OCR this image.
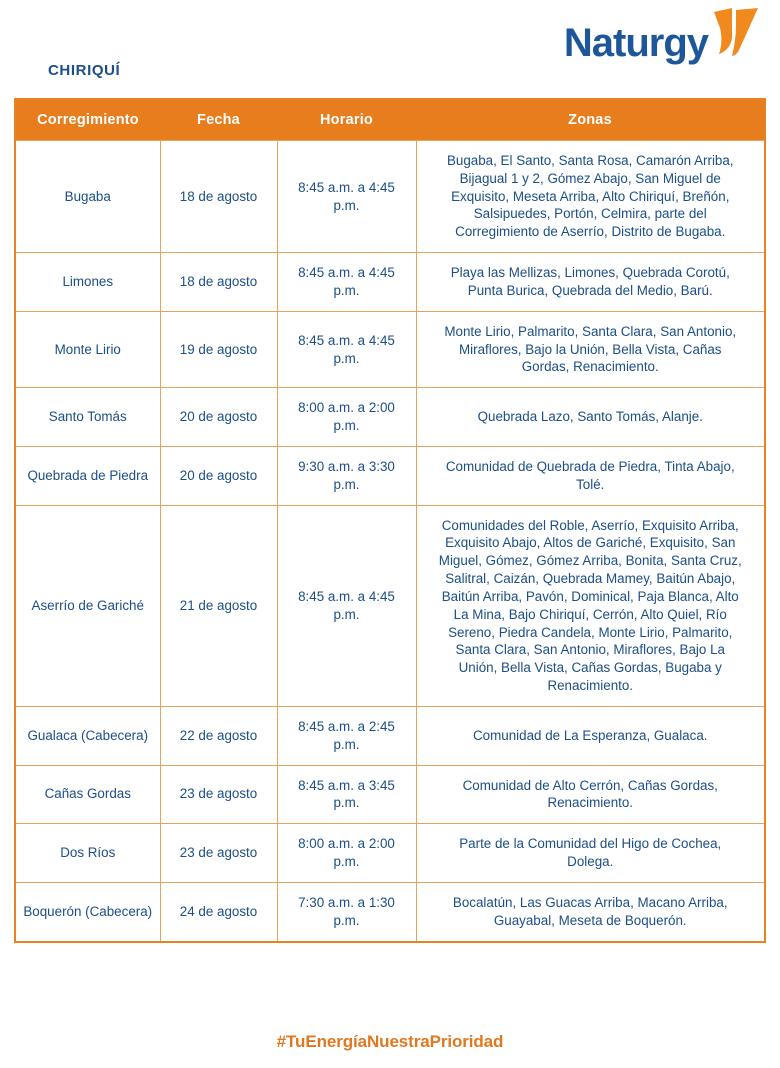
Naturgy
CHIRIQUÍ
Corregimiento	Fecha	Horario	Zonas
Bugaba	18 de agosto	8:45 a.m. a 4:45 p.m.	Bugaba, El Santo, Santa Rosa, Camarón Arriba, Bijagual 1 y 2, Gómez Abajo, San Miguel de Exquisito, Meseta Arriba, Alto Chiriquí, Breñón, Salsipuedes, Portón, Celmira, parte del Corregimiento de Aserrío, Distrito de Bugaba.
Limones	18 de agosto	8:45 a.m. a 4:45 p.m.	Playa las Mellizas, Limones, Quebrada Corotú, Punta Burica, Quebrada del Medio, Barú.
Monte Lirio	19 de agosto	8:45 a.m. a 4:45 p.m.	Monte Lirio, Palmarito, Santa Clara, San Antonio, Miraflores, Bajo la Unión, Bella Vista, Cañas Gordas, Renacimiento.
Santo Tomás	20 de agosto	8:00 a.m. a 2:00 p.m.	Quebrada Lazo, Santo Tomás, Alanje.
Quebrada de Piedra	20 de agosto	9:30 a.m. a 3:30 p.m.	Comunidad de Quebrada de Piedra, Tinta Abajo, Tolé.
Aserrío de Gariché	21 de agosto	8:45 a.m. a 4:45 p.m.	Comunidades del Roble, Aserrío, Exquisito Arriba, Exquisito Abajo, Altos de Gariché, Exquisito, San Miguel, Gómez, Gómez Arriba, Bonita, Santa Cruz, Salitral, Caizán, Quebrada Mamey, Baitún Abajo, Baitún Arriba, Pavón, Dominical, Paja Blanca, Alto La Mina, Bajo Chiriquí, Cerrón, Alto Quiel, Río Sereno, Piedra Candela, Monte Lirio, Palmarito, Santa Clara, San Antonio, Miraflores, Bajo La Unión, Bella Vista, Cañas Gordas, Bugaba y Renacimiento.
Gualaca (Cabecera)	22 de agosto	8:45 a.m. a 2:45 p.m.	Comunidad de La Esperanza, Gualaca.
Cañas Gordas	23 de agosto	8:45 a.m. a 3:45 p.m.	Comunidad de Alto Cerrón, Cañas Gordas, Renacimiento.
Dos Ríos	23 de agosto	8:00 a.m. a 2:00 p.m.	Parte de la Comunidad del Higo de Cochea, Dolega.
Boquerón (Cabecera)	24 de agosto	7:30 a.m. a 1:30 p.m.	Bocalatún, Las Guacas Arriba, Macano Arriba, Guayabal, Meseta de Boquerón.
#TuEnergíaNuestraPrioridad
